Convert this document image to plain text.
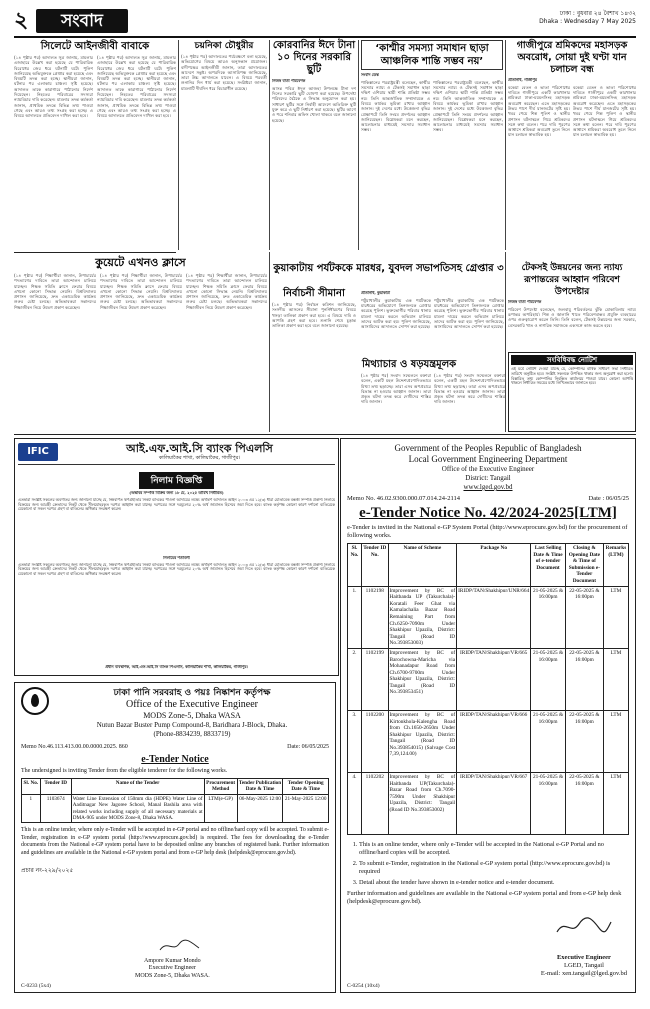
২	সংবাদ	ঢাকা : বুধবার ২৪ বৈশাখ ১৪৩২
Dhaka : Wednesday 7 May 2025
সিলেটে আইনজীবী বাবাকে
(১৪ পৃষ্ঠার পর) আদালত সূত্র জানায়, মামলার এজাহারে উল্লেখ করা হয়েছে যে পারিবারিক বিরোধের জের ধরে ঘটনাটি ঘটে। পুলিশ জানিয়েছে অভিযুক্তকে গ্রেপ্তার করা হয়েছে এবং বিষয়টি তদন্ত করা হচ্ছে। স্থানীয়রা জানান, ঘটনার পর এলাকায় চাঞ্চল্য সৃষ্টি হয়েছে। আদালত তাকে কারাগারে পাঠানোর নির্দেশ দিয়েছেন। নিহতের পরিবারের সদস্যরা ন্যায়বিচার দাবি করেছেন। মামলার তদন্ত কর্মকর্তা জানান, প্রাথমিক তদন্তে বিভিন্ন তথ্য পাওয়া গেছে এবং আরও তথ্য সংগ্রহ করা হচ্ছে। এ বিষয়ে আদালতে প্রতিবেদন দাখিল করা হবে।
(১৪ পৃষ্ঠার পর) আদালত সূত্র জানায়, মামলার এজাহারে উল্লেখ করা হয়েছে যে পারিবারিক বিরোধের জের ধরে ঘটনাটি ঘটে। পুলিশ জানিয়েছে অভিযুক্তকে গ্রেপ্তার করা হয়েছে এবং বিষয়টি তদন্ত করা হচ্ছে। স্থানীয়রা জানান, ঘটনার পর এলাকায় চাঞ্চল্য সৃষ্টি হয়েছে। আদালত তাকে কারাগারে পাঠানোর নির্দেশ দিয়েছেন। নিহতের পরিবারের সদস্যরা ন্যায়বিচার দাবি করেছেন। মামলার তদন্ত কর্মকর্তা জানান, প্রাথমিক তদন্তে বিভিন্ন তথ্য পাওয়া গেছে এবং আরও তথ্য সংগ্রহ করা হচ্ছে। এ বিষয়ে আদালতে প্রতিবেদন দাখিল করা হবে।
চয়নিকা চৌধুরীর
(১৪ পৃষ্ঠার পর) আদালতের পর্যবেক্ষণে বলা হয়েছে, অভিযোগের বিষয়ে আরও অনুসন্ধান প্রয়োজন। বাদীপক্ষের আইনজীবী জানান, তারা আদালতের আদেশে সন্তুষ্ট। অপরদিকে আসামিপক্ষ জানিয়েছে, তারা উচ্চ আদালতে যাবেন। এ বিষয়ে পরবর্তী শুনানির দিন ধার্য করা হয়েছে। সংশ্লিষ্টরা জানান, মামলাটি দীর্ঘদিন ধরে বিচারাধীন রয়েছে।
কোরবানির ঈদে টানা ১০ দিনের সরকারি ছুটি
নিজস্ব বার্তা পরিবেশক
আসন্ন পবিত্র ঈদুল আজহা উপলক্ষে টানা দশ দিনের সরকারি ছুটি ঘোষণা করা হয়েছে। উপদেষ্টা পরিষদের বৈঠকে এ সিদ্ধান্ত অনুমোদন করা হয়। সাধারণ ছুটির সঙ্গে নির্বাহী আদেশে অতিরিক্ত ছুটি যুক্ত করে এ ছুটি নির্ধারণ করা হয়েছে। ছুটির আগে ও পরে শনিবার অফিস খোলা থাকবে বলে জানানো হয়েছে।
‘কাশ্মীর সমস্যা সমাধান ছাড়া আঞ্চলিক শান্তি সম্ভব নয়’
সংবাদ ডেস্ক
পাকিস্তানের পররাষ্ট্রমন্ত্রী বলেছেন, কাশ্মীর সমস্যার ন্যায্য ও টেকসই সমাধান ছাড়া দক্ষিণ এশিয়ায় স্থায়ী শান্তি প্রতিষ্ঠা সম্ভব নয়। তিনি আন্তর্জাতিক সম্প্রদায়কে এ বিষয়ে কার্যকর ভূমিকা রাখার আহ্বান জানান। দুই দেশের মধ্যে উত্তেজনা বৃদ্ধির প্রেক্ষাপটে তিনি সংযম প্রদর্শনের আহ্বান জানিয়েছেন। বিশ্লেষকরা মনে করছেন, আলোচনার মাধ্যমেই সমস্যার সমাধান সম্ভব।
পাকিস্তানের পররাষ্ট্রমন্ত্রী বলেছেন, কাশ্মীর সমস্যার ন্যায্য ও টেকসই সমাধান ছাড়া দক্ষিণ এশিয়ায় স্থায়ী শান্তি প্রতিষ্ঠা সম্ভব নয়। তিনি আন্তর্জাতিক সম্প্রদায়কে এ বিষয়ে কার্যকর ভূমিকা রাখার আহ্বান জানান। দুই দেশের মধ্যে উত্তেজনা বৃদ্ধির প্রেক্ষাপটে তিনি সংযম প্রদর্শনের আহ্বান জানিয়েছেন। বিশ্লেষকরা মনে করছেন, আলোচনার মাধ্যমেই সমস্যার সমাধান সম্ভব।
গাজীপুরে শ্রমিকদের মহাসড়ক অবরোধ, সোয়া দুই ঘণ্টা যান চলাচল বন্ধ
প্রতিনিধি, গাজীপুর
বকেয়া বেতন ও ভাতা পরিশোধের দাবিতে গাজীপুরে একটি কারখানার শ্রমিকরা ঢাকা-ময়মনসিংহ মহাসড়ক অবরোধ করেছেন। এতে মহাসড়কের উভয় পাশে দীর্ঘ যানজটের সৃষ্টি হয়। খবর পেয়ে শিল্প পুলিশ ও স্থানীয় প্রশাসন ঘটনাস্থলে গিয়ে শ্রমিকদের সঙ্গে কথা বলেন। পরে দাবি পূরণের আশ্বাসে শ্রমিকরা অবরোধ তুলে নিলে যান চলাচল স্বাভাবিক হয়।
বকেয়া বেতন ও ভাতা পরিশোধের দাবিতে গাজীপুরে একটি কারখানার শ্রমিকরা ঢাকা-ময়মনসিংহ মহাসড়ক অবরোধ করেছেন। এতে মহাসড়কের উভয় পাশে দীর্ঘ যানজটের সৃষ্টি হয়। খবর পেয়ে শিল্প পুলিশ ও স্থানীয় প্রশাসন ঘটনাস্থলে গিয়ে শ্রমিকদের সঙ্গে কথা বলেন। পরে দাবি পূরণের আশ্বাসে শ্রমিকরা অবরোধ তুলে নিলে যান চলাচল স্বাভাবিক হয়।
কুয়েটে এখনও ক্লাসে
(১৪ পৃষ্ঠার পর) শিক্ষার্থীরা জানান, উপাচার্যের পদত্যাগের দাবিতে তারা আন্দোলন চালিয়ে যাচ্ছেন। শিক্ষক সমিতি ক্লাসে ফেরার বিষয়ে এখনো কোনো সিদ্ধান্ত নেয়নি। বিশ্ববিদ্যালয় প্রশাসন জানিয়েছে, দ্রুত একাডেমিক কার্যক্রম শুরুর চেষ্টা চলছে। অভিভাবকরা সন্তানদের শিক্ষাজীবন নিয়ে উদ্বেগ প্রকাশ করেছেন।
(১৪ পৃষ্ঠার পর) শিক্ষার্থীরা জানান, উপাচার্যের পদত্যাগের দাবিতে তারা আন্দোলন চালিয়ে যাচ্ছেন। শিক্ষক সমিতি ক্লাসে ফেরার বিষয়ে এখনো কোনো সিদ্ধান্ত নেয়নি। বিশ্ববিদ্যালয় প্রশাসন জানিয়েছে, দ্রুত একাডেমিক কার্যক্রম শুরুর চেষ্টা চলছে। অভিভাবকরা সন্তানদের শিক্ষাজীবন নিয়ে উদ্বেগ প্রকাশ করেছেন।
(১৪ পৃষ্ঠার পর) শিক্ষার্থীরা জানান, উপাচার্যের পদত্যাগের দাবিতে তারা আন্দোলন চালিয়ে যাচ্ছেন। শিক্ষক সমিতি ক্লাসে ফেরার বিষয়ে এখনো কোনো সিদ্ধান্ত নেয়নি। বিশ্ববিদ্যালয় প্রশাসন জানিয়েছে, দ্রুত একাডেমিক কার্যক্রম শুরুর চেষ্টা চলছে। অভিভাবকরা সন্তানদের শিক্ষাজীবন নিয়ে উদ্বেগ প্রকাশ করেছেন।
কুয়াকাটায় পর্যটককে মারধর, যুবদল সভাপতিসহ গ্রেপ্তার ৩
নির্বাচনী সীমানা
(১৪ পৃষ্ঠার পর) নির্বাচন কমিশন জানিয়েছে, সংসদীয় আসনের সীমানা পুনর্নির্ধারণের বিষয়ে খসড়া তালিকা প্রকাশ করা হবে। এ বিষয়ে দাবি ও আপত্তি গ্রহণ করা হবে। শুনানি শেষে চূড়ান্ত তালিকা প্রকাশ করা হবে বলে জানানো হয়েছে।
প্রতিনিধি, কুয়াকাটা
পটুয়াখালীর কুয়াকাটায় এক পর্যটককে মারধরের অভিযোগে তিনজনকে গ্রেপ্তার করেছে পুলিশ। ভুক্তভোগীর পরিবার থানায় মামলা দায়ের করলে অভিযান চালিয়ে তাদের আটক করা হয়। পুলিশ জানিয়েছে, আসামিদের আদালতে সোপর্দ করা হয়েছে।
পটুয়াখালীর কুয়াকাটায় এক পর্যটককে মারধরের অভিযোগে তিনজনকে গ্রেপ্তার করেছে পুলিশ। ভুক্তভোগীর পরিবার থানায় মামলা দায়ের করলে অভিযান চালিয়ে তাদের আটক করা হয়। পুলিশ জানিয়েছে, আসামিদের আদালতে সোপর্দ করা হয়েছে।
মিথ্যাচার ও ষড়যন্ত্রমূলক
(১৪ পৃষ্ঠার পর) সংবাদ সম্মেলনে বক্তারা বলেন, একটি মহল উদ্দেশ্যপ্রণোদিতভাবে মিথ্যা তথ্য ছড়াচ্ছে। তারা এসব অপপ্রচারে বিভ্রান্ত না হওয়ার আহ্বান জানান। তারা প্রকৃত ঘটনা তদন্ত করে দোষীদের শাস্তির দাবি জানান।
(১৪ পৃষ্ঠার পর) সংবাদ সম্মেলনে বক্তারা বলেন, একটি মহল উদ্দেশ্যপ্রণোদিতভাবে মিথ্যা তথ্য ছড়াচ্ছে। তারা এসব অপপ্রচারে বিভ্রান্ত না হওয়ার আহ্বান জানান। তারা প্রকৃত ঘটনা তদন্ত করে দোষীদের শাস্তির দাবি জানান।
টেকসই উন্নয়নের জন্য ন্যায্য রূপান্তরের আহ্বান পরিবেশ উপদেষ্টার
নিজস্ব বার্তা পরিবেশক
পরিবেশ উপদেষ্টা বলেছেন, জলবায়ু পরিবর্তনের ঝুঁকি মোকাবিলায় ন্যায্য রূপান্তর অপরিহার্য। শিল্প ও জ্বালানি খাতে পরিবেশবান্ধব প্রযুক্তি ব্যবহারের ওপর গুরুত্বারোপ করেন তিনি। তিনি বলেন, টেকসই উন্নয়নের জন্য সরকার, বেসরকারি খাত ও নাগরিক সমাজকে একসঙ্গে কাজ করতে হবে।
সংবিধিবদ্ধ নোটিশ
এই মর্মে নোটিশ দেওয়া যাচ্ছে যে, কোম্পানির বার্ষিক সাধারণ সভা নির্ধারিত তারিখে অনুষ্ঠিত হবে। সংশ্লিষ্ট সকলকে উপস্থিত থাকার জন্য অনুরোধ করা হলো। বিস্তারিত তথ্য কোম্পানির নিবন্ধিত কার্যালয়ে পাওয়া যাবে। কোনো আপত্তি থাকলে নির্ধারিত সময়ের মধ্যে লিখিতভাবে জানাতে হবে।
IFIC	আই.এফ.আই.সি ব্যাংক পিএলসি
কালিয়াকৈর শাখা, কালিয়াকৈর, গাজীপুর।
নিলাম বিজ্ঞপ্তি
(অস্থাবর সম্পত্তি বিক্রির জন্য ১৮ মে, ২০২৫ তারিখ নির্ধারিত)
এতদ্বারা সংশ্লিষ্ট সকলের অবগতির জন্য জানানো যাচ্ছে যে, নিম্নবর্ণিত ঋণগ্রহীতার নিকট ব্যাংকের পাওনা আদায়ের লক্ষ্যে অর্থঋণ আদালত আইন ২০০৩ এর ১২(৩) ধারা মোতাবেক বন্ধকী সম্পত্তি প্রকাশ্য নিলামে বিক্রয়ের জন্য আগ্রহী ক্রেতাদের নিকট থেকে সীলমোহরকৃত দরপত্র আহ্বান করা যাচ্ছে। দরপত্রের সঙ্গে দরমূল্যের ২০% অর্থ জামানত হিসেবে জমা দিতে হবে। ব্যাংক কর্তৃপক্ষ কোনো কারণ দর্শানো ব্যতিরেকে যেকোনো বা সকল দরপত্র গ্রহণ বা বাতিলের অধিকার সংরক্ষণ করেন।
নিলামের শর্তাবলী
এতদ্বারা সংশ্লিষ্ট সকলের অবগতির জন্য জানানো যাচ্ছে যে, নিম্নবর্ণিত ঋণগ্রহীতার নিকট ব্যাংকের পাওনা আদায়ের লক্ষ্যে অর্থঋণ আদালত আইন ২০০৩ এর ১২(৩) ধারা মোতাবেক বন্ধকী সম্পত্তি প্রকাশ্য নিলামে বিক্রয়ের জন্য আগ্রহী ক্রেতাদের নিকট থেকে সীলমোহরকৃত দরপত্র আহ্বান করা যাচ্ছে। দরপত্রের সঙ্গে দরমূল্যের ২০% অর্থ জামানত হিসেবে জমা দিতে হবে। ব্যাংক কর্তৃপক্ষ কোনো কারণ দর্শানো ব্যতিরেকে যেকোনো বা সকল দরপত্র গ্রহণ বা বাতিলের অধিকার সংরক্ষণ করেন।
প্রধান ব্যবস্থাপক, আই.এফ.আই.সি ব্যাংক পিএলসি, কালিয়াকৈর শাখা, কালিয়াকৈর, গাজীপুর।
Government of the Peoples Republic of Bangladesh
Local Government Engineering Department
Office of the Executive Engineer
District: Tangail
www.lged.gov.bd
Memo No. 46.02.9300.000.07.014.24-2114	Date : 06/05/25
e-Tender Notice No. 42/2024-2025[LTM]
e-Tender is invited in the National e-GP System Portal (http://www.eprocure.gov.bd) for the procurement of following works.
Sl. No.	Tender ID No.	Name of Scheme	Package No	Last Selling Date & Time of e-tender Document	Closing & Opening Date & Time of Submission e-Tender Document	Remarks (LTM)
1.	1102198	Improvement by BC of Haitbanda UP (Takurchala)-Koratali Feer Ghat via Kamalachalia Bazar Road Remaining Part from Ch.6250-7090m Under Shakhipur Upazila, District: Tangail (Road ID No.393853003)	IRIDP/TAN/Shakhipur/UNR/664	21-05-2025 & 16:00pm	22-05-2025 & 16:00pm	LTM
2.	1102199	Improvement by BC of Barochowna-Maricha via Mohanadapur Road from Ch.6700-9700m Under Shakhipur Upazila, District: Tangail (Road ID No.393853451)	IRIDP/TAN/Shakhipur/VR/665	21-05-2025 & 16:00pm	22-05-2025 & 16:00pm	LTM
3.	1102200	Improvement by BC of Kirtonkhola-Kalengha Road from Ch.1650-2650m Under Shakhipur Upazila, District: Tangail (Road ID No.393854015) (Salvage Cost 7,39,124.00)	IRIDP/TAN/Shakhipur/VR/666	21-05-2025 & 16:00pm	22-05-2025 & 16:00pm	LTM
4.	1102202	Improvement by BC of Haitbanda UP(Takurchala)-Bazar Road from Ch.7090-7590m Under Shakhipur Upazila, District: Tangail (Road ID No.393853002)	IRIDP/TAN/Shakhipur/VR/667	21-05-2025 & 16:00pm	22-05-2025 & 16:00pm	LTM
1. This is an online tender, where only e-Tender will be accepted in the National e-GP Portal and no offline/hard copies will be accepted.
2. To submit e-Tender, registration in the National e-GP system portal (http://www.eprocure.gov.bd) is required
3. Detail about the tender have shown in e-tender notice and e-tender document.
Further information and guidelines are available in the National e-GP system portal and from e-GP help desk (helpdesk@eprocure.gov.bd).
Executive Engineer
LGED, Tangail
E-mail: xen.tangail@lged.gov.bd
C-0254 (10x4)
ঢাকা পানি সরবরাহ ও পয়ঃ নিষ্কাশন কর্তৃপক্ষ
Office of the Executive Engineer
MODS Zone-5, Dhaka WASA
Nutun Bazar Buster Pump Compound-8, Baridhara J-Block, Dhaka.
(Phone-8834239, 8833719)
Memo No.46.113.413.00.00.0000.2025. 860	Date: 06/05/2025
e-Tender Notice
The undersigned is inviting Tender from the eligible tenderer for the following works.
Sl. No.	Tender ID	Name of the Tender	Procurement Method	Tender Publication Date & Time	Tender Opening Date & Time
1	1103674	Water Line Extension of 150mm dia (HDPE) Water Line of Aaditnagar New Jagoree School, Manal Bashila area with related works including supply of all necessary materials at DMA-905 under MODS Zone-8, Dhaka WASA.	LTM(e-GP)	06-May-2025 12:00	21-May-2025 12:00
This is an online tender, where only e-Tender will be accepted in e-GP portal and no offline/hard copy will be accepted. To submit e-Tender, registration in e-GP system portal (http://www.eprocure.gov.bd) is required. The fees for downloading the e-Tender documents from the National e-GP system portal have to be deposited online any branches of registered bank. Further information and guidelines are available in the National e-GP system portal and from e-GP help desk (helpdesk@eprocure.gov.bd).
প্রচার নং-২২৯/২০২৫
Ampore Kumar Mondo
Executive Engineer
MODS Zone-5, Dhaka WASA.
C-0233 (5x4)
